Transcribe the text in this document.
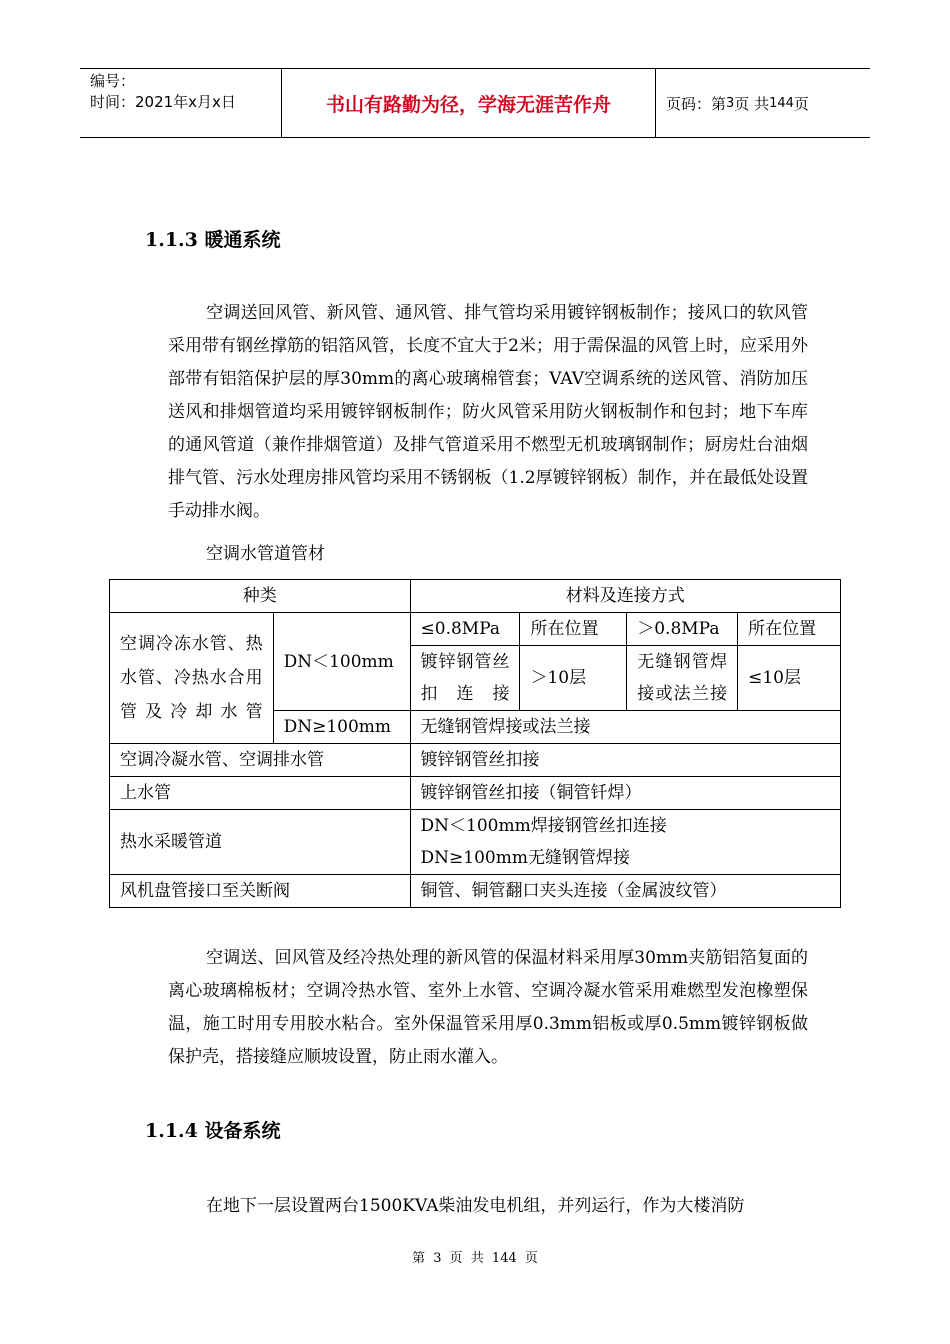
编号：
时间：2021年x月x日	书山有路勤为径，学海无涯苦作舟	页码：第 3 页 共 144 页
1.1.3 暖通系统

空调送回风管、新风管、通风管、排气管均采用镀锌钢板制作；接风口的软风管采用带有钢丝撑筋的铝箔风管，长度不宜大于2米；用于需保温的风管上时，应采用外部带有铝箔保护层的厚30mm的离心玻璃棉管套；VAV空调系统的送风管、消防加压送风和排烟管道均采用镀锌钢板制作；防火风管采用防火钢板制作和包封；地下车库的通风管道（兼作排烟管道）及排气管道采用不燃型无机玻璃钢制作；厨房灶台油烟排气管、污水处理房排风管均采用不锈钢板（1.2厚镀锌钢板）制作，并在最低处设置手动排水阀。

空调水管道管材
种类		材料及连接方式			
空调冷冻水管、热水管、冷热水合用管及冷却水管	DN＜100mm	≤0.8MPa	所在位置	＞0.8MPa	所在位置
		镀锌钢管丝扣连接	＞10层	无缝钢管焊接或法兰接	≤10层
	DN≥100mm	无缝钢管焊接或法兰接			
空调冷凝水管、空调排水管		镀锌钢管丝扣接			
上水管		镀锌钢管丝扣接（铜管钎焊）			
热水采暖管道		DN＜100mm焊接钢管丝扣连接
DN≥100mm无缝钢管焊接			

风机盘管接口至关断阀		铜管、铜管翻口夹头连接（金属波纹管）			

空调送、回风管及经冷热处理的新风管的保温材料采用厚30mm夹筋铝箔复面的离心玻璃棉板材；空调冷热水管、室外上水管、空调冷凝水管采用难燃型发泡橡塑保温，施工时用专用胶水粘合。室外保温管采用厚0.3mm铝板或厚0.5mm镀锌钢板做保护壳，搭接缝应顺坡设置，防止雨水灌入。

1.1.4 设备系统

在地下一层设置两台1500KVA柴油发电机组，并列运行，作为大楼消防

第 3 页 共 144 页
